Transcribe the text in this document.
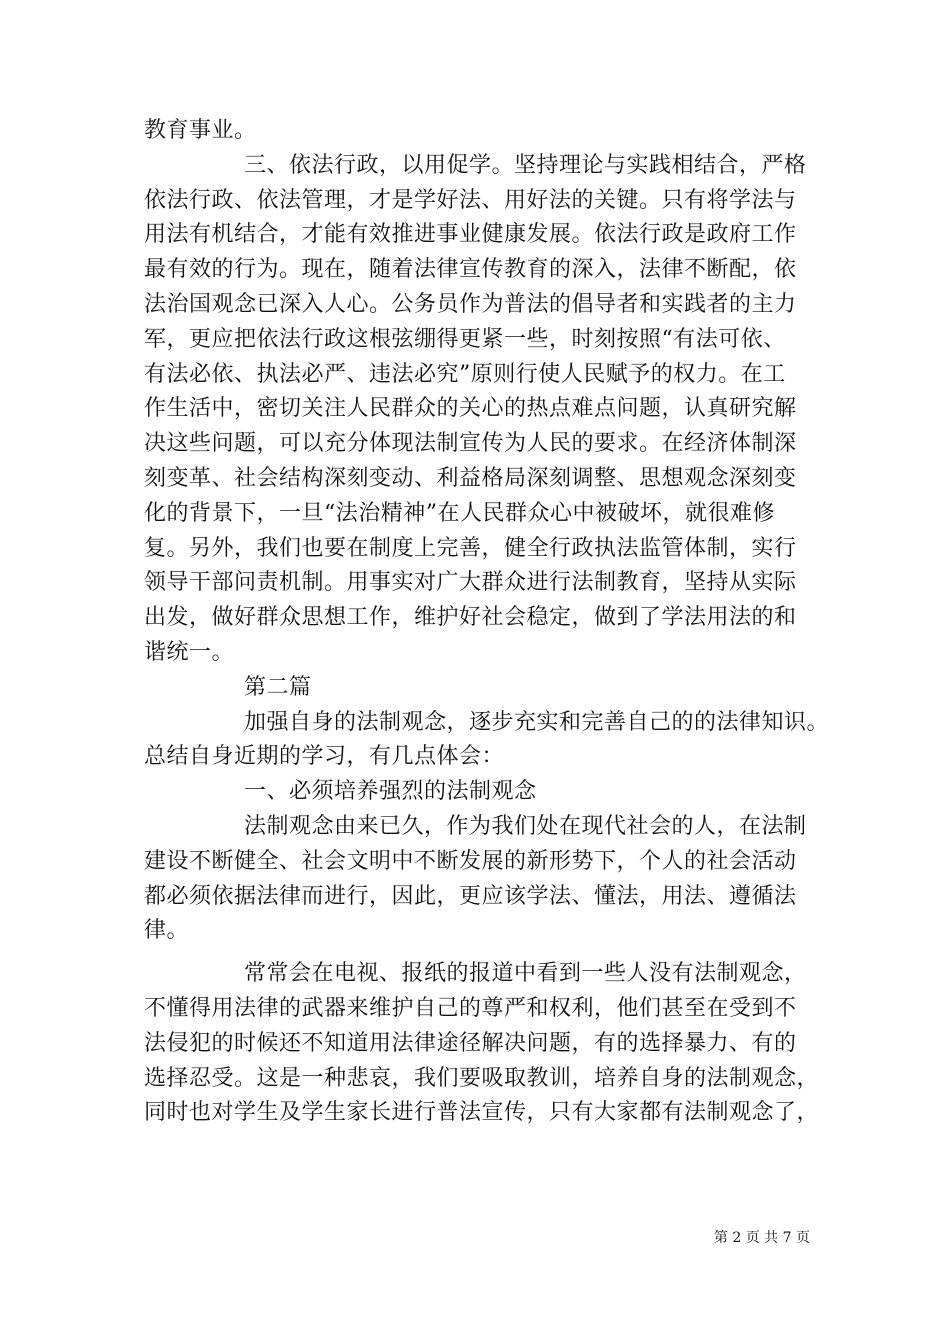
教育事业。
三、依法行政，以用促学。坚持理论与实践相结合，严格
依法行政、依法管理，才是学好法、用好法的关键。只有将学法与
用法有机结合，才能有效推进事业健康发展。依法行政是政府工作
最有效的行为。现在，随着法律宣传教育的深入，法律不断配，依
法治国观念已深入人心。公务员作为普法的倡导者和实践者的主力
军，更应把依法行政这根弦绷得更紧一些，时刻按照“有法可依、
有法必依、执法必严、违法必究”原则行使人民赋予的权力。在工
作生活中，密切关注人民群众的关心的热点难点问题，认真研究解
决这些问题，可以充分体现法制宣传为人民的要求。在经济体制深
刻变革、社会结构深刻变动、利益格局深刻调整、思想观念深刻变
化的背景下，一旦“法治精神”在人民群众心中被破坏，就很难修
复。另外，我们也要在制度上完善，健全行政执法监管体制，实行
领导干部问责机制。用事实对广大群众进行法制教育，坚持从实际
出发，做好群众思想工作，维护好社会稳定，做到了学法用法的和
谐统一。
第二篇
加强自身的法制观念，逐步充实和完善自己的的法律知识。
总结自身近期的学习，有几点体会：
一、必须培养强烈的法制观念
法制观念由来已久，作为我们处在现代社会的人，在法制
建设不断健全、社会文明中不断发展的新形势下，个人的社会活动
都必须依据法律而进行，因此，更应该学法、懂法，用法、遵循法
律。
常常会在电视、报纸的报道中看到一些人没有法制观念，
不懂得用法律的武器来维护自己的尊严和权利，他们甚至在受到不
法侵犯的时候还不知道用法律途径解决问题，有的选择暴力、有的
选择忍受。这是一种悲哀，我们要吸取教训，培养自身的法制观念，
同时也对学生及学生家长进行普法宣传，只有大家都有法制观念了，
第 2 页 共 7 页
